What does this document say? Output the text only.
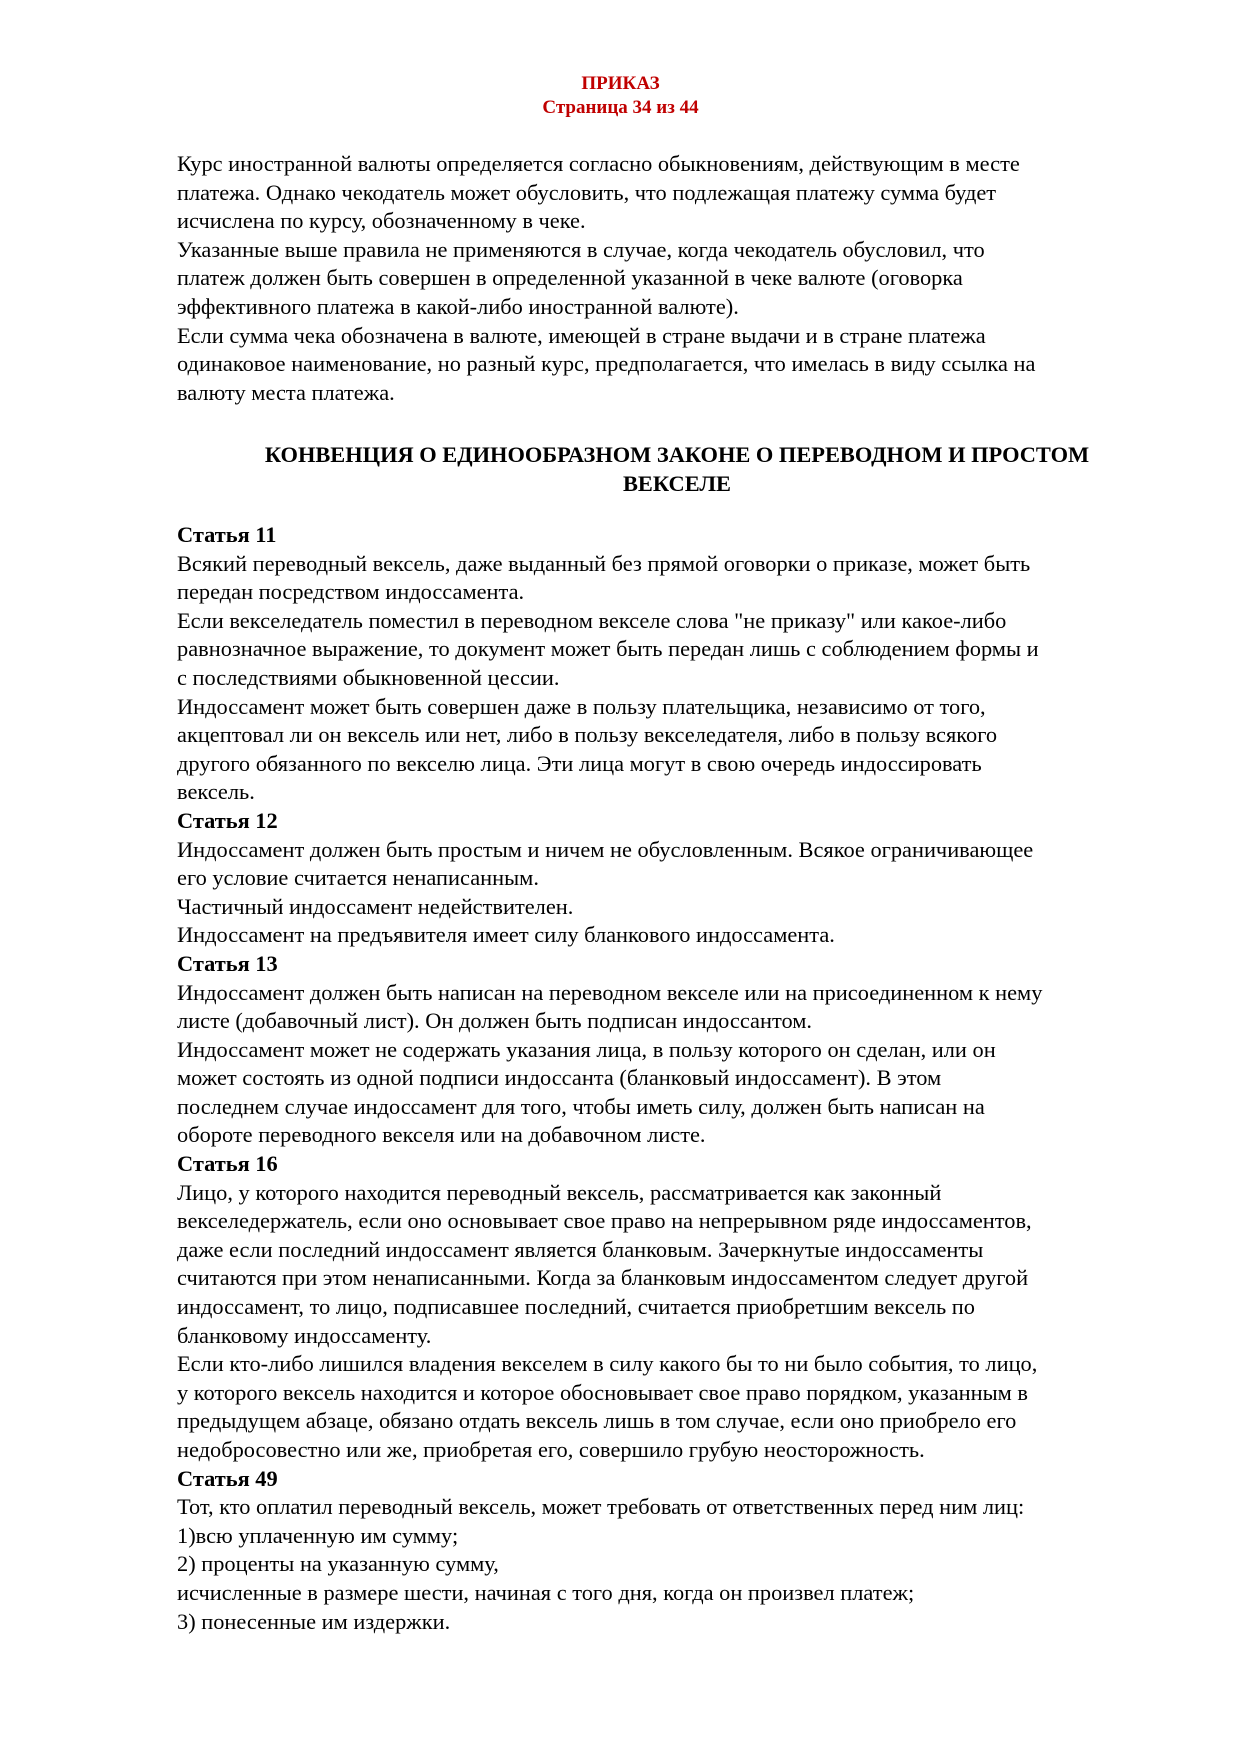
ПРИКАЗ
Страница 34 из 44
Курс иностранной валюты определяется согласно обыкновениям, действующим в месте
платежа. Однако чекодатель может обусловить, что подлежащая платежу сумма будет
исчислена по курсу, обозначенному в чеке.
Указанные выше правила не применяются в случае, когда чекодатель обусловил, что
платеж должен быть совершен в определенной указанной в чеке валюте (оговорка
эффективного платежа в какой-либо иностранной валюте).
Если сумма чека обозначена в валюте, имеющей в стране выдачи и в стране платежа
одинаковое наименование, но разный курс, предполагается, что имелась в виду ссылка на
валюту места платежа.
КОНВЕНЦИЯ О ЕДИНООБРАЗНОМ ЗАКОНЕ О ПЕРЕВОДНОМ И ПРОСТОМ
ВЕКСЕЛЕ
Статья 11
Всякий переводный вексель, даже выданный без прямой оговорки о приказе, может быть
передан посредством индоссамента.
Если векселедатель поместил в переводном векселе слова "не приказу" или какое-либо
равнозначное выражение, то документ может быть передан лишь с соблюдением формы и
с последствиями обыкновенной цессии.
Индоссамент может быть совершен даже в пользу плательщика, независимо от того,
акцептовал ли он вексель или нет, либо в пользу векселедателя, либо в пользу всякого
другого обязанного по векселю лица. Эти лица могут в свою очередь индоссировать
вексель.
Статья 12
Индоссамент должен быть простым и ничем не обусловленным. Всякое ограничивающее
его условие считается ненаписанным.
Частичный индоссамент недействителен.
Индоссамент на предъявителя имеет силу бланкового индоссамента.
Статья 13
Индоссамент должен быть написан на переводном векселе или на присоединенном к нему
листе (добавочный лист). Он должен быть подписан индоссантом.
Индоссамент может не содержать указания лица, в пользу которого он сделан, или он
может состоять из одной подписи индоссанта (бланковый индоссамент). В этом
последнем случае индоссамент для того, чтобы иметь силу, должен быть написан на
обороте переводного векселя или на добавочном листе.
Статья 16
Лицо, у которого находится переводный вексель, рассматривается как законный
векселедержатель, если оно основывает свое право на непрерывном ряде индоссаментов,
даже если последний индоссамент является бланковым. Зачеркнутые индоссаменты
считаются при этом ненаписанными. Когда за бланковым индоссаментом следует другой
индоссамент, то лицо, подписавшее последний, считается приобретшим вексель по
бланковому индоссаменту.
Если кто-либо лишился владения векселем в силу какого бы то ни было события, то лицо,
у которого вексель находится и которое обосновывает свое право порядком, указанным в
предыдущем абзаце, обязано отдать вексель лишь в том случае, если оно приобрело его
недобросовестно или же, приобретая его, совершило грубую неосторожность.
Статья 49
Тот, кто оплатил переводный вексель, может требовать от ответственных перед ним лиц:
1)всю уплаченную им сумму;
2) проценты на указанную сумму,
исчисленные в размере шести, начиная с того дня, когда он произвел платеж;
3) понесенные им издержки.
